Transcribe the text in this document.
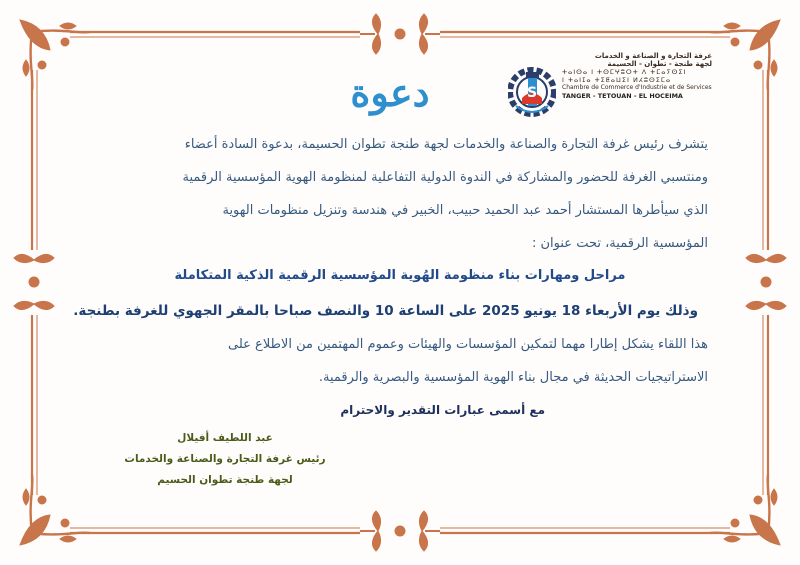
دعوة	S
غرفة التجارة و الصناعة و الخدمات
لجهة طنجة - تطوان - الحسيمة
ⵜⴰⵏⵙⴰ ⵏ ⵜⵙⵎⵖⵓⵔⵜ ⴷ ⵜⵎⴰⵢⵙⵉⵏ
ⵏ ⵜⴰⵏⵊⴰ ⵜⵉⵟⴰⵡⵉⵏ ⵍⵃⵓⵙⵉⵎⴰ
Chambre de Commerce d'Industrie et de Services
TANGER - TETOUAN - EL HOCEIMA
يتشرف رئيس غرفة التجارة والصناعة والخدمات لجهة طنجة تطوان الحسيمة، بدعوة السادة أعضاء
ومنتسبي الغرفة للحضور والمشاركة في الندوة الدولية التفاعلية لمنظومة الهوية المؤسسية الرقمية
الذي سيأطرها المستشار أحمد عبد الحميد حبيب، الخبير في هندسة وتنزيل منظومات الهوية
المؤسسية الرقمية، تحت عنوان :
مراحل ومهارات بناء منظومة الهُوية المؤسسية الرقمية الذكية المتكاملة
وذلك يوم الأربعاء 18 يونيو 2025 على الساعة 10 والنصف صباحا بالمقر الجهوي للغرفة بطنجة.
هذا اللقاء يشكل إطارا مهما لتمكين المؤسسات والهيئات وعموم المهتمين من الاطلاع على
الاستراتيجيات الحديثة في مجال بناء الهوية المؤسسية والبصرية والرقمية.
مع أسمى عبارات التقدير والاحترام
عبد اللطيف أفيلال
رئيس غرفة التجارة والصناعة والخدمات
لجهة طنجة تطوان الحسيم
